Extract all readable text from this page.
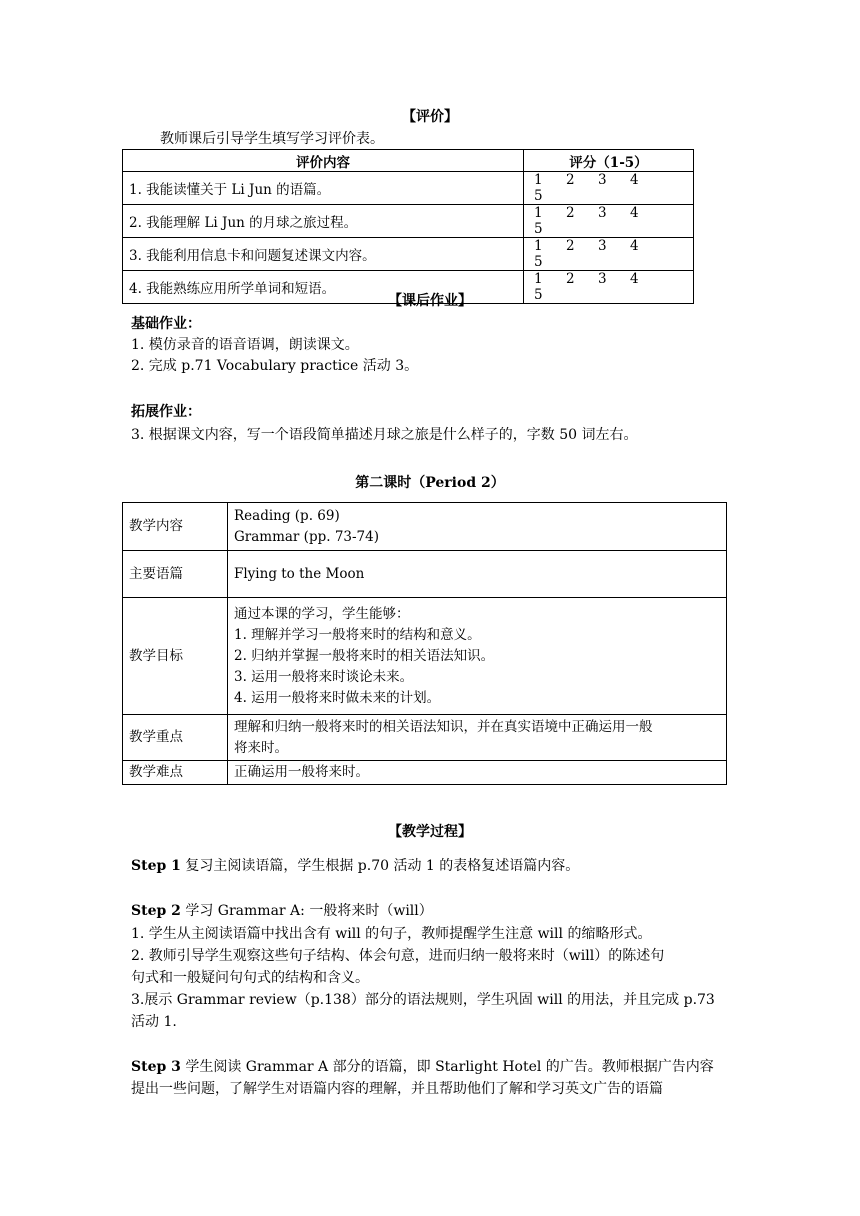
【评价】
教师课后引导学生填写学习评价表。
评价内容	评分（1-5）
1. 我能读懂关于 Li Jun 的语篇。	1 2 3 45
2. 我能理解 Li Jun 的月球之旅过程。	1 2 3 45
3. 我能利用信息卡和问题复述课文内容。	1 2 3 45
4. 我能熟练应用所学单词和短语。	1 2 3 45
【课后作业】
基础作业：
1. 模仿录音的语音语调，朗读课文。
2. 完成 p.71 Vocabulary practice 活动 3。
拓展作业：
3. 根据课文内容，写一个语段简单描述月球之旅是什么样子的，字数 50 词左右。
第二课时（Period 2）
教学内容	Reading (p. 69)
Grammar (pp. 73-74)

主要语篇	Flying to the Moon

教学目标	通过本课的学习，学生能够：
1. 理解并学习一般将来时的结构和意义。
2. 归纳并掌握一般将来时的相关语法知识。
3. 运用一般将来时谈论未来。
4. 运用一般将来时做未来的计划。

教学重点	理解和归纳一般将来时的相关语法知识，并在真实语境中正确运用一般
将来时。

教学难点	正确运用一般将来时。
【教学过程】
Step 1 复习主阅读语篇，学生根据 p.70 活动 1 的表格复述语篇内容。
Step 2 学习 Grammar A: 一般将来时（will）
1. 学生从主阅读语篇中找出含有 will 的句子，教师提醒学生注意 will 的缩略形式。
2. 教师引导学生观察这些句子结构、体会句意，进而归纳一般将来时（will）的陈述句
句式和一般疑问句句式的结构和含义。
3.展示 Grammar review（p.138）部分的语法规则，学生巩固 will 的用法，并且完成 p.73
活动 1.
Step 3 学生阅读 Grammar A 部分的语篇，即 Starlight Hotel 的广告。教师根据广告内容
提出一些问题，了解学生对语篇内容的理解，并且帮助他们了解和学习英文广告的语篇
